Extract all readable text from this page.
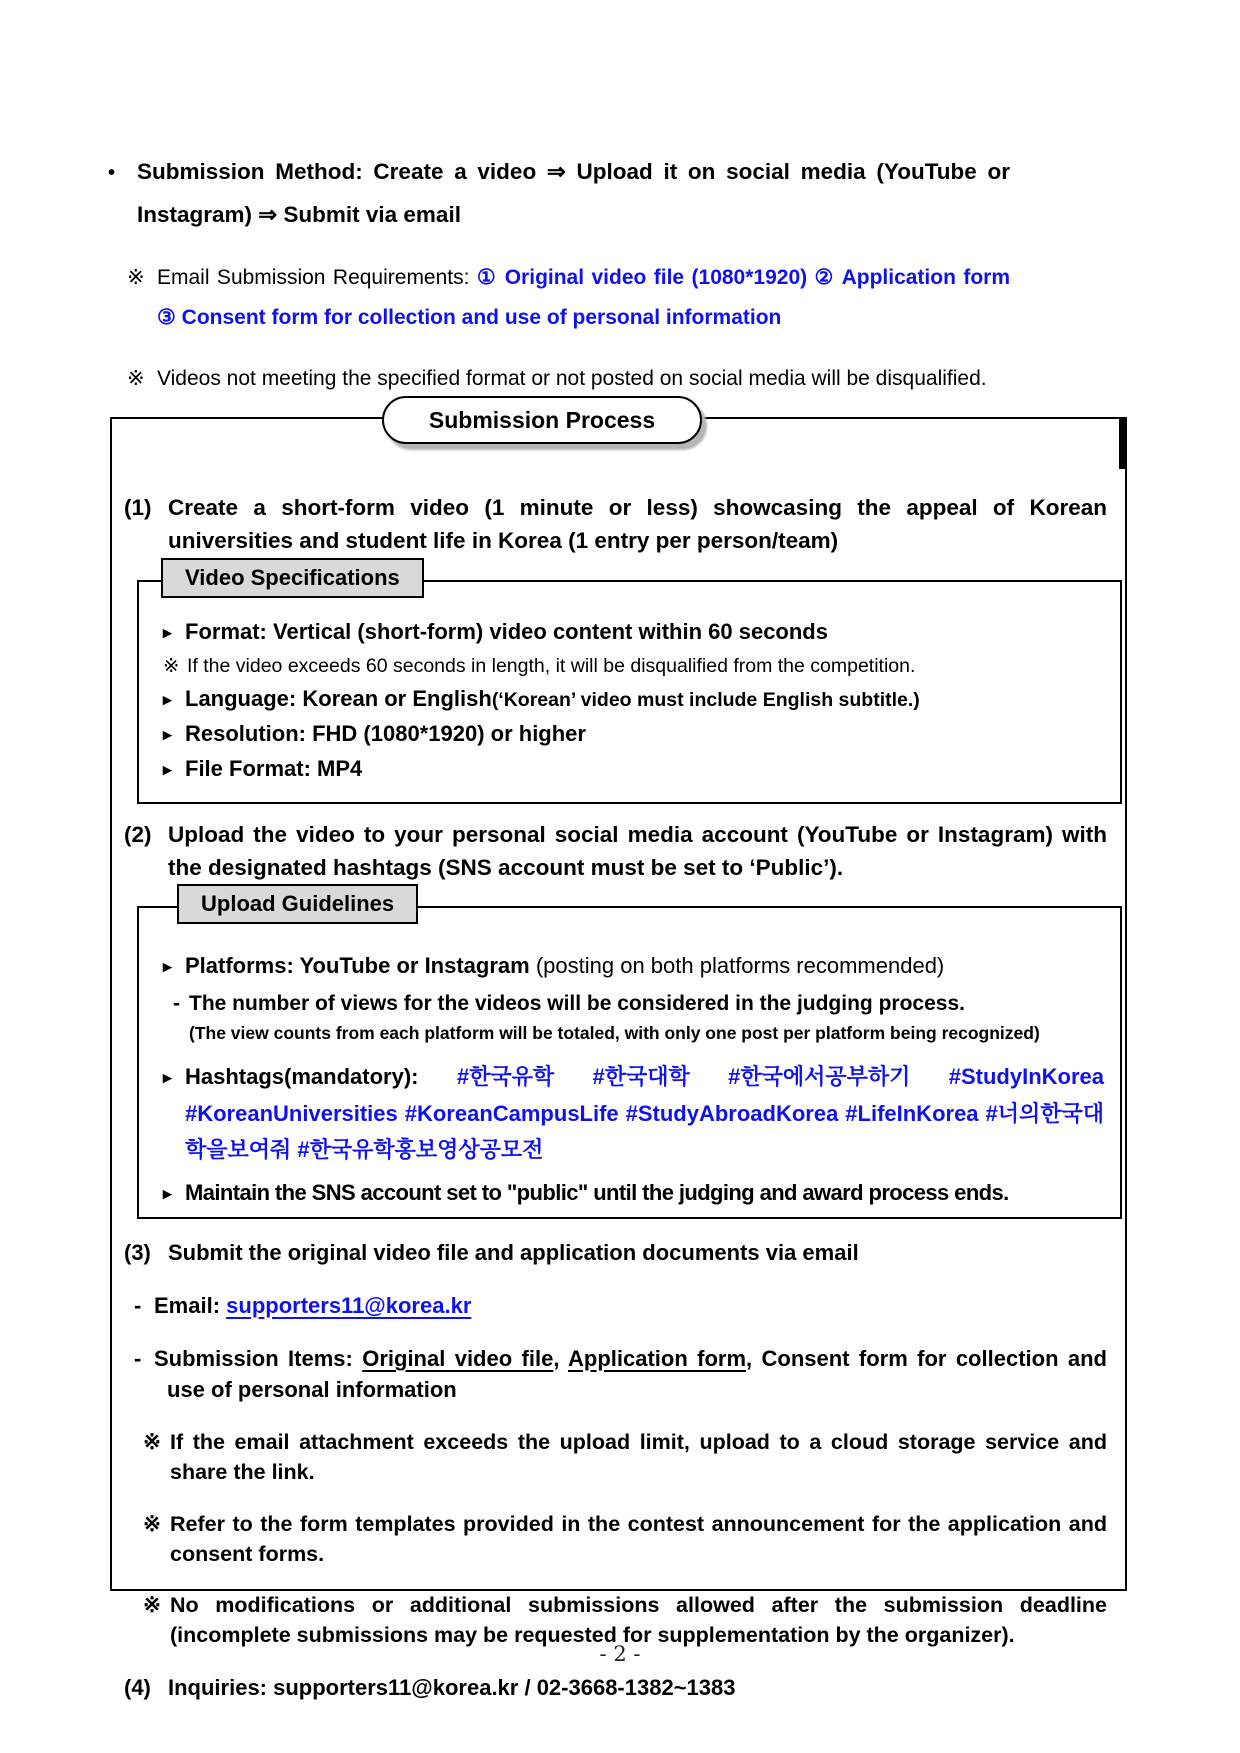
• Submission Method: Create a video ⇒ Upload it on social media (YouTube or Instagram) ⇒ Submit via email

※ Email Submission Requirements: ① Original video file (1080*1920) ② Application form ③ Consent form for collection and use of personal information

※ Videos not meeting the specified format or not posted on social media will be disqualified.

Submission Process

(1) Create a short-form video (1 minute or less) showcasing the appeal of Korean universities and student life in Korea (1 entry per person/team)

Video Specifications
▸ Format: Vertical (short-form) video content within 60 seconds
※ If the video exceeds 60 seconds in length, it will be disqualified from the competition.
▸ Language: Korean or English(‘Korean’ video must include English subtitle.)
▸ Resolution: FHD (1080*1920) or higher
▸ File Format: MP4

(2) Upload the video to your personal social media account (YouTube or Instagram) with the designated hashtags (SNS account must be set to ‘Public’).

Upload Guidelines
▸ Platforms: YouTube or Instagram (posting on both platforms recommended)
- The number of views for the videos will be considered in the judging process.
(The view counts from each platform will be totaled, with only one post per platform being recognized)
▸ Hashtags(mandatory): #한국유학 #한국대학 #한국에서공부하기 #StudyInKorea #KoreanUniversities #KoreanCampusLife #StudyAbroadKorea #LifeInKorea #너의한국대학을보여줘 #한국유학홍보영상공모전
▸ Maintain the SNS account set to "public" until the judging and award process ends.

(3) Submit the original video file and application documents via email

- Email: supporters11@korea.kr

- Submission Items: Original video file, Application form, Consent form for collection and use of personal information

※ If the email attachment exceeds the upload limit, upload to a cloud storage service and share the link.

※ Refer to the form templates provided in the contest announcement for the application and consent forms.

※ No modifications or additional submissions allowed after the submission deadline (incomplete submissions may be requested for supplementation by the organizer).

(4) Inquiries: supporters11@korea.kr / 02-3668-1382~1383

- 2 -
